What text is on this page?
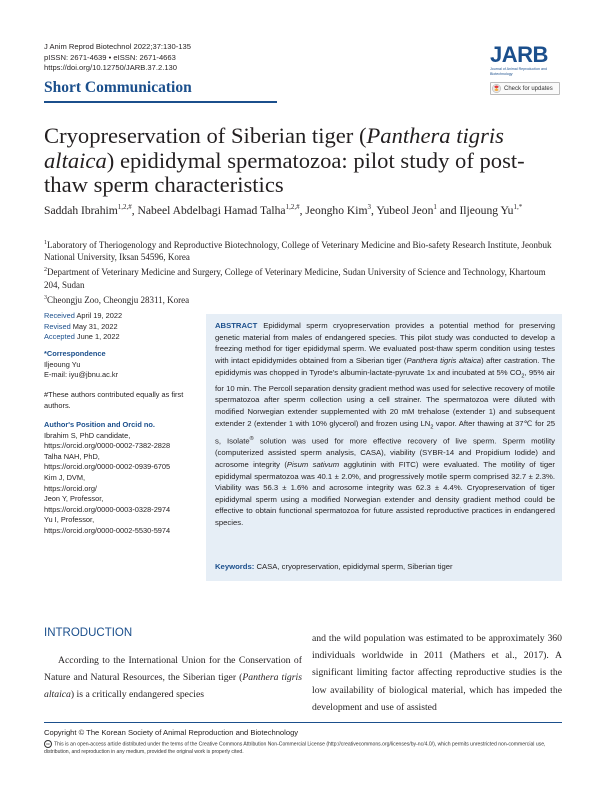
J Anim Reprod Biotechnol 2022;37:130-135
pISSN: 2671-4639 • eISSN: 2671-4663
https://doi.org/10.12750/JARB.37.2.130
Short Communication
JARB
Journal of Animal Reproduction and Biotechnology
Check for updates
Cryopreservation of Siberian tiger (Panthera tigris altaica) epididymal spermatozoa: pilot study of post-thaw sperm characteristics
Saddah Ibrahim$^{1,2,\#}$, Nabeel Abdelbagi Hamad Talha$^{1,2,\#}$, Jeongho Kim$^3$, Yubeol Jeon$^1$ and Iljeoung $Yu^{1,*}$

$^1$Laboratory of Theriogenology and Reproductive Biotechnology, College of Veterinary Medicine and Bio-safety Research Institute, Jeonbuk National University, Iksan 54596, Korea

$^2$Department of Veterinary Medicine and Surgery, College of Veterinary Medicine, Sudan University of Science and Technology, Khartoum 204, Sudan

$^3$Cheongju Zoo, Cheongju 28311, Korea

Received April 19, 2022
Revised May 31, 2022
Accepted June 1, 2022
*Correspondence
Iljeoung Yu
E-mail: iyu@jbnu.ac.kr
#These authors contributed equally as first authors.
Author's Position and Orcid no.
Ibrahim S, PhD candidate,
https://orcid.org/0000-0002-7382-2828
Talha NAH, PhD,
https://orcid.org/0000-0002-0939-6705
Kim J, DVM,
https://orcid.org/
Jeon Y, Professor,
https://orcid.org/0000-0003-0328-2974
Yu I, Professor,
https://orcid.org/0000-0002-5530-5974
ABSTRACT Epididymal sperm cryopreservation provides a potential method for preserving genetic material from males of endangered species. This pilot study was conducted to develop a freezing method for tiger epididymal sperm. We evaluated post-thaw sperm condition using testes with intact epididymides obtained from a Siberian tiger (Panthera tigris altaica) after castration. The epididymis was chopped in Tyrode's albumin-lactate-pyruvate 1x and incubated at 5% $CO_2$, 95% air for 10 min. The Percoll separation density gradient method was used for selective recovery of motile spermatozoa after sperm collection using a cell strainer. The spermatozoa were diluted with modified Norwegian extender supplemented with 20 mM trehalose (extender 1) and subsequent extender 2 (extender 1 with 10% glycerol) and frozen using $LN_2$ vapor. After thawing at 37℃ for 25 s, Isolate® solution was used for more effective recovery of live sperm. Sperm motility (computerized assisted sperm analysis, CASA), viability (SYBR-14 and Propidium Iodide) and acrosome integrity (Pisum sativum agglutinin with FITC) were evaluated. The motility of tiger epididymal spermatozoa was 40.1 ± 2.0%, and progressively motile sperm comprised 32.7 ± 2.3%. Viability was 56.3 ± 1.6% and acrosome integrity was 62.3 ± 4.4%. Cryopreservation of tiger epididymal sperm using a modified Norwegian extender and density gradient method could be effective to obtain functional spermatozoa for future assisted reproductive practices in endangered species.
Keywords: CASA, cryopreservation, epididymal sperm, Siberian tiger
INTRODUCTION
According to the International Union for the Conservation of Nature and Natural Resources, the Siberian tiger (Panthera tigris altaica) is a critically endangered species
and the wild population was estimated to be approximately 360 individuals worldwide in 2011 (Mathers et al., 2017). A significant limiting factor affecting reproductive studies is the low availability of biological material, which has impeded the development and use of assisted
Copyright © The Korean Society of Animal Reproduction and Biotechnology
cc This is an open-access article distributed under the terms of the Creative Commons Attribution Non-Commercial License (http://creativecommons.org/licenses/by-nc/4.0/), which permits unrestricted non-commercial use, distribution, and reproduction in any medium, provided the original work is properly cited.
